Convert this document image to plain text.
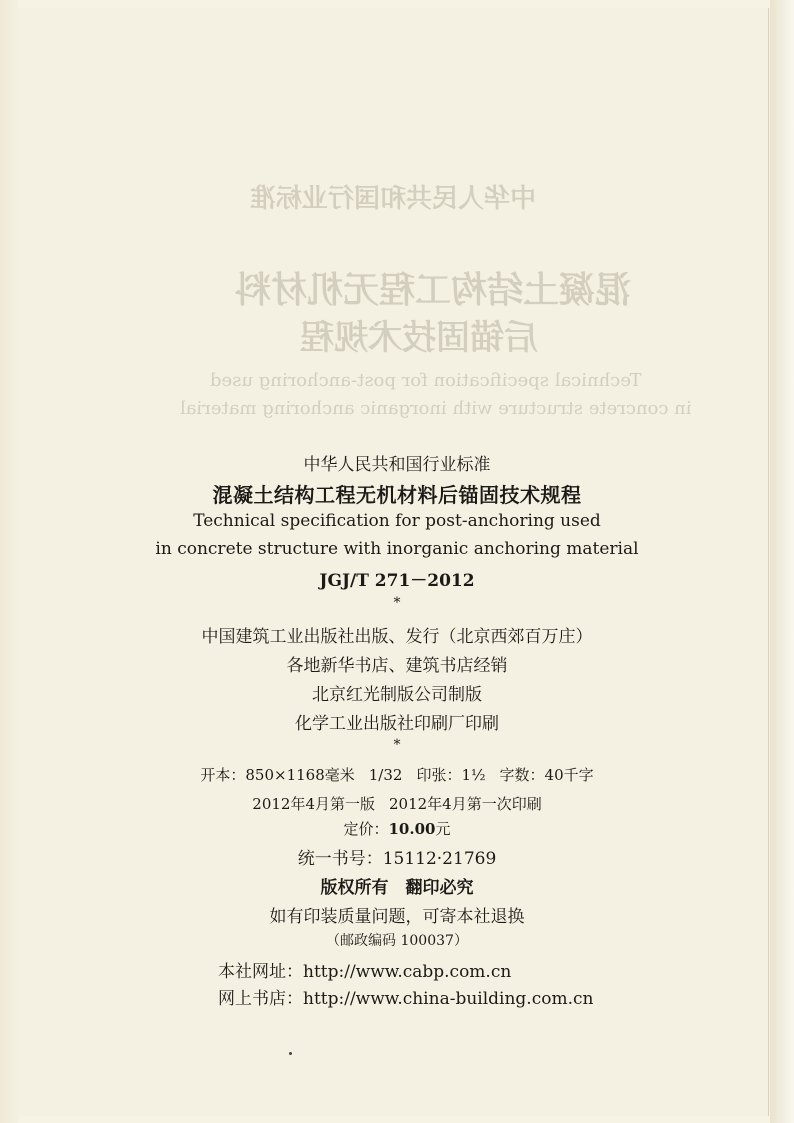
中华人民共和国行业标准
混凝土结构工程无机材料
后锚固技术规程
Technical specification for post-anchoring used
in concrete structure with inorganic anchoring material
中华人民共和国行业标准
混凝土结构工程无机材料后锚固技术规程
Technical specification for post-anchoring used
in concrete structure with inorganic anchoring material
JGJ/T 271－2012
*
中国建筑工业出版社出版、发行（北京西郊百万庄）
各地新华书店、建筑书店经销
北京红光制版公司制版
化学工业出版社印刷厂印刷
*
开本：850×1168毫米 1/32 印张：1½ 字数：40千字
2012年4月第一版 2012年4月第一次印刷
定价：10.00元
统一书号：15112·21769
版权所有　翻印必究
如有印装质量问题，可寄本社退换
（邮政编码 100037）
本社网址：http://www.cabp.com.cn
网上书店：http://www.china-building.com.cn
